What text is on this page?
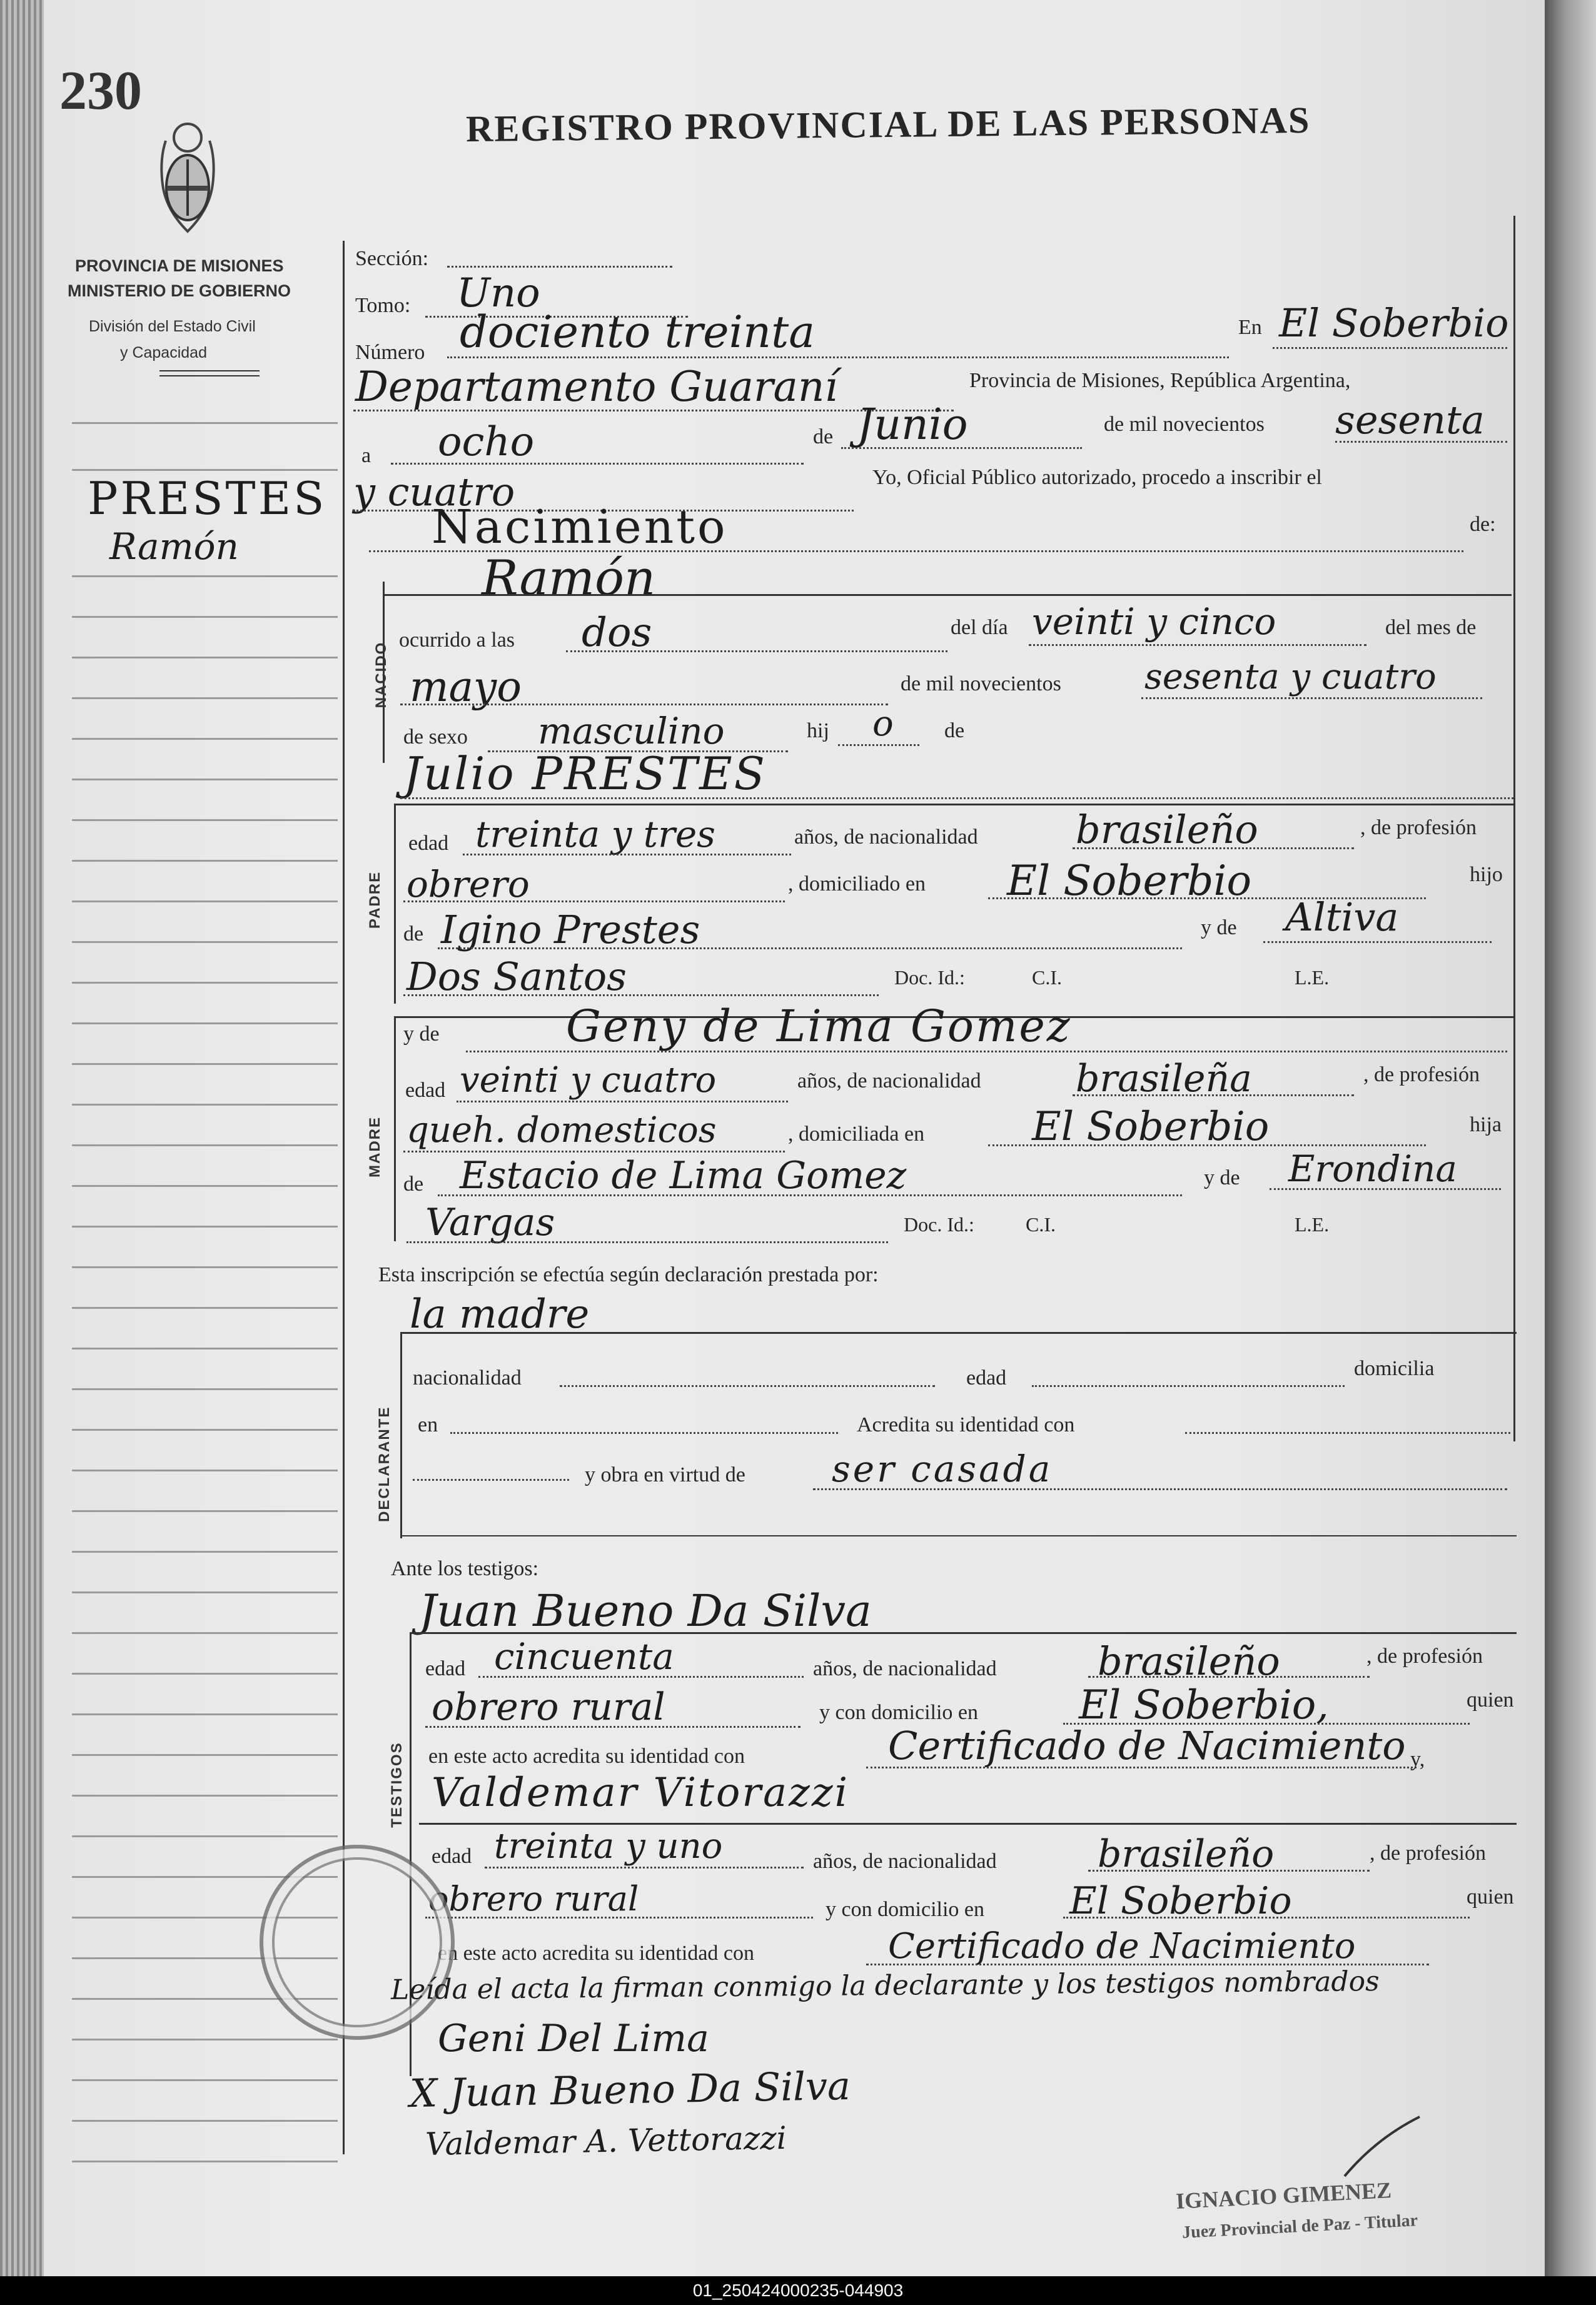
230
REGISTRO PROVINCIAL DE LAS PERSONAS
PROVINCIA DE MISIONES
MINISTERIO DE GOBIERNO
División del Estado Civil
y Capacidad
PRESTES
Ramón
Sección:
Tomo: Uno
Número dociento treinta	En El Soberbio
Departamento Guaraní	Provincia de Misiones, República Argentina,
a ocho	de Junio	de mil novecientos sesenta
y cuatro	Yo, Oficial Público autorizado, procedo a inscribir el
Nacimiento	de:
Ramón
NACIDO
ocurrido a las dos	del día veinti y cinco	del mes de
mayo	de mil novecientos sesenta y cuatro
de sexo masculino	hij o de
Julio PRESTES
PADRE
edad treinta y tres	años, de nacionalidad	brasileño	, de profesión
obrero	, domiciliado en El Soberbio	hijo
de Igino Prestes	y de Altiva
Dos Santos	Doc. Id.:	C.I.	L.E.
MADRE
y de	Geny de Lima Gomez
edad veinti y cuatro	años, de nacionalidad	brasileña	, de profesión
queh. domesticos	, domiciliada en	El Soberbio	hija
de Estacio de Lima Gomez	y de Erondina
Vargas	Doc. Id.:	C.I.	L.E.
Esta inscripción se efectúa según declaración prestada por:
la madre
DECLARANTE
nacionalidad	edad	domicilia
en	Acredita su identidad con
y obra en virtud de ser casada
Ante los testigos:
Juan Bueno Da Silva
TESTIGOS
edad cincuenta	años, de nacionalidad	brasileño	, de profesión
obrero rural	y con domicilio en	El Soberbio,	quien
en este acto acredita su identidad con	Certificado de Nacimiento y,
Valdemar Vitorazzi
edad treinta y uno	años, de nacionalidad	brasileño	, de profesión
obrero rural	y con domicilio en El Soberbio	quien
en este acto acredita su identidad con	Certificado de Nacimiento
Leída el acta la firman conmigo la declarante y los testigos nombrados
Geni Del Lima
X Juan Bueno Da Silva
Valdemar A. Vettorazzi
IGNACIO GIMENEZ
Juez Provincial de Paz - Titular
01_250424000235-044903
